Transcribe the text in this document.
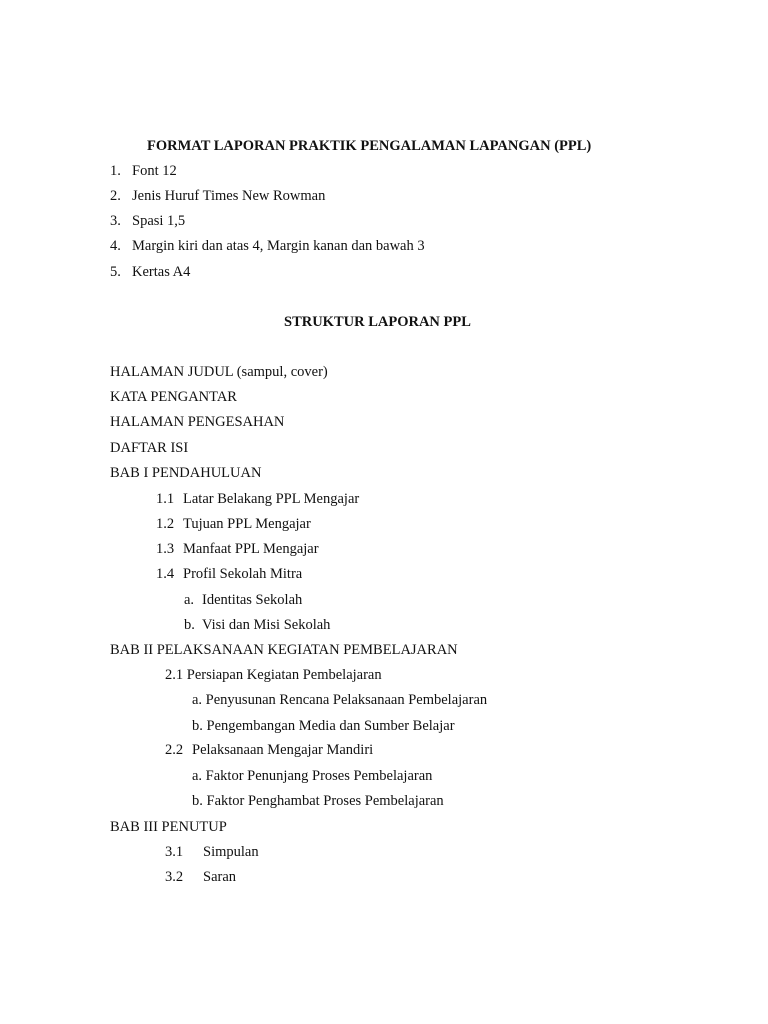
FORMAT LAPORAN PRAKTIK PENGALAMAN LAPANGAN (PPL)
1. Font 12
2. Jenis Huruf Times New Rowman
3. Spasi 1,5
4. Margin kiri dan atas 4, Margin kanan dan bawah 3
5. Kertas A4
STRUKTUR LAPORAN PPL
HALAMAN JUDUL (sampul, cover)
KATA PENGANTAR
HALAMAN PENGESAHAN
DAFTAR ISI
BAB I PENDAHULUAN
1.1 Latar Belakang PPL Mengajar
1.2 Tujuan PPL Mengajar
1.3 Manfaat PPL Mengajar
1.4 Profil Sekolah Mitra
a. Identitas Sekolah
b. Visi dan Misi Sekolah
BAB II PELAKSANAAN KEGIATAN PEMBELAJARAN
2.1 Persiapan Kegiatan Pembelajaran
a. Penyusunan Rencana Pelaksanaan Pembelajaran
b. Pengembangan Media dan Sumber Belajar
2.2 Pelaksanaan Mengajar Mandiri
a. Faktor Penunjang Proses Pembelajaran
b. Faktor Penghambat Proses Pembelajaran
BAB III PENUTUP
3.1 Simpulan
3.2 Saran
